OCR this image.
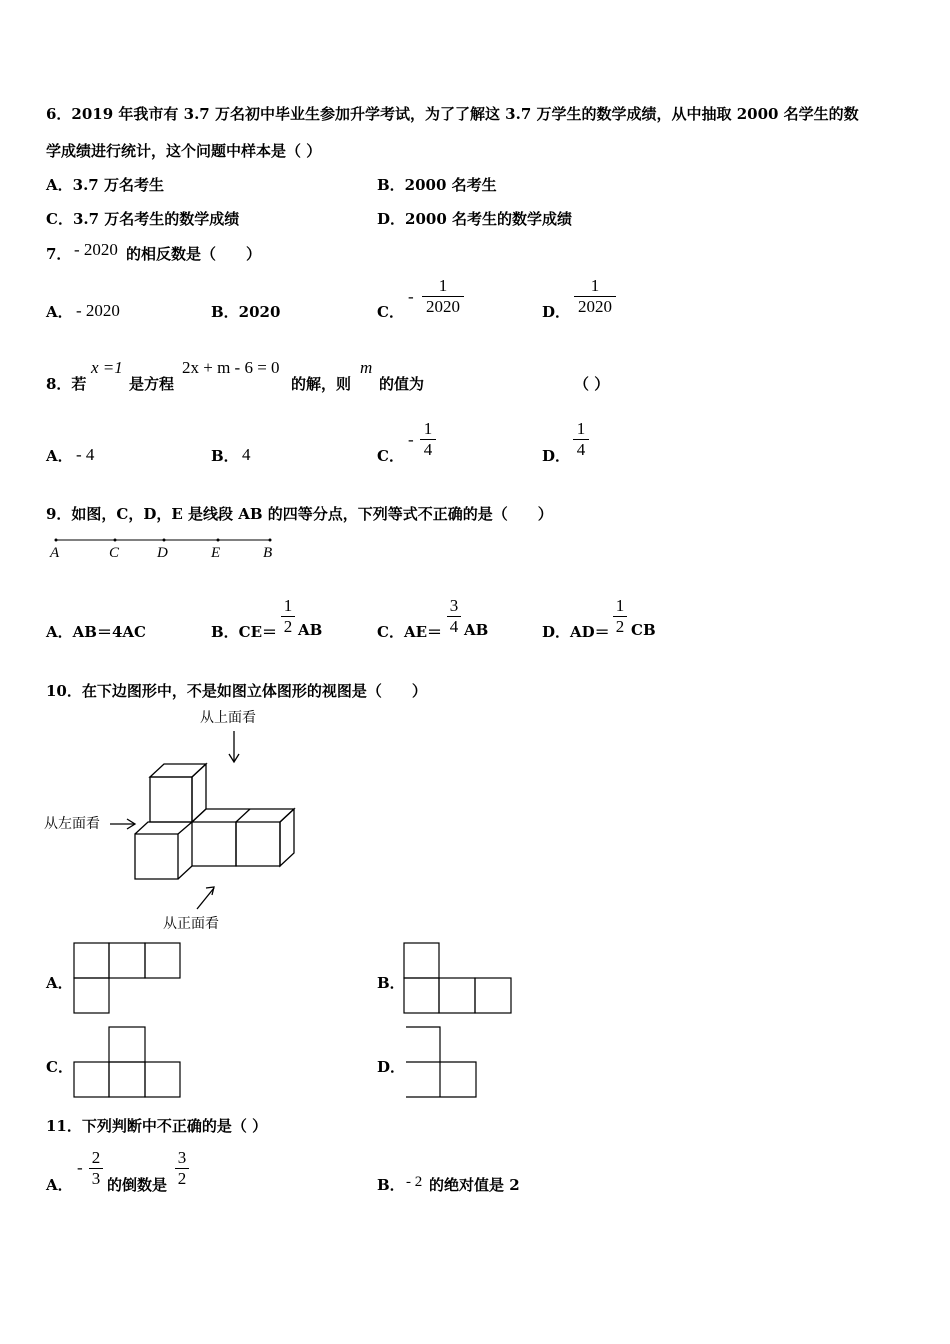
6．2019 年我市有 3.7 万名初中毕业生参加升学考试，为了了解这 3.7 万学生的数学成绩，从中抽取 2000 名学生的数
学成绩进行统计，这个问题中样本是（ ）
A．3.7 万名考生	B．2000 名考生
C．3.7 万名考生的数学成绩	D．2000 名考生的数学成绩
7． - 2020 的相反数是（　　）
A． - 2020	B．2020	C．
-
1
2020	D．
1
2020
8．若
x =1
是方程
2x + m - 6 = 0
的解，则
m
的值为	（ ）
A． - 4	B． 4	C．
-
1
4	D．
1
4
9．如图，C，D，E 是线段 AB 的四等分点，下列等式不正确的是（　　）
A	C	D	E	B
A．AB＝4AC	B．CE＝
1
2 AB	C．AE＝
3
4 AB	D．AD＝
1
2 CB
10．在下边图形中，不是如图立体图形的视图是（　　）
从上面看
从左面看
从正面看
A．	B．
C．	D．
11．下列判断中不正确的是（ ）
A．
-
2
3 的倒数是
3
2	B． - 2 的绝对值是 2
